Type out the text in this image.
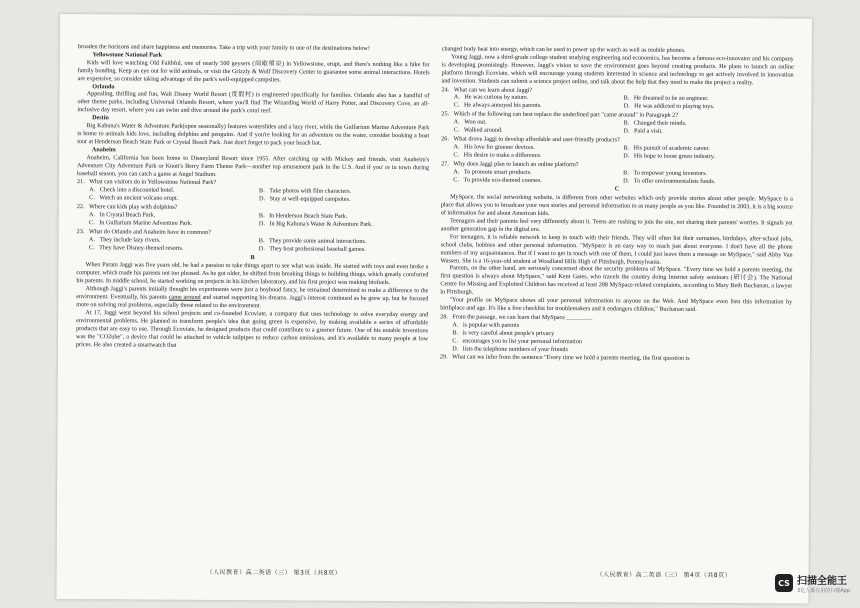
broaden the horizons and share happiness and memories. Take a trip with your family to one of the destinations below!

Yellowstone National Park

Kids will love watching Old Faithful, one of nearly 500 geysers (间歇喷泉) in Yellowstone, erupt, and there's nothing like a hike for family bonding. Keep an eye out for wild animals, or visit the Grizzly & Wolf Discovery Center to guarantee some animal interactions. Hotels are expensive, so consider taking advantage of the park's well-equipped campsites.

Orlando

Appealing, thrilling and fun, Walt Disney World Resort (度假村) is engineered specifically for families. Orlando also has a handful of other theme parks, including Universal Orlando Resort, where you'll find The Wizarding World of Harry Potter, and Discovery Cove, an all-inclusive day resort, where you can swim and dive around the park's coral reef.

Destin

Big Kahuna's Water & Adventure Park(open seasonally) features waterslides and a lazy river, while the Gulfarium Marine Adventure Park is home to animals kids love, including dolphins and penguins. And if you're looking for an adventure on the water, consider booking a boat tour at Henderson Beach State Park or Crystal Beach Park. Just don't forget to pack your beach bat.

Anaheim

Anaheim, California has been home to Disneyland Resort since 1955. After catching up with Mickey and friends, visit Anaheim's Adventure City Adventure Park or Knott's Berry Farm Theme Park—another top amusement park in the U.S. And if you' re in town during baseball season, you can catch a game at Angel Stadium.

21．What can visitors do in Yellowstone National Park?

A．Check into a discounted hotel.	B．Take photos with film characters.
C．Watch an ancient volcano erupt.	D．Stay at well-equipped campsites.

22．Where can kids play with dolphins?

A．In Crystal Beach Park.	B．In Henderson Beach State Park.
C．In Gulfarium Marine Adventure Park.	D．In Big Kahuna's Water & Adventure Park.

23．What do Orlando and Anaheim have in common?

A．They include lazy rivers.	B．They provide some animal interactions.
C．They have Disney-themed resorts.	D．They host professional baseball games.

B

When Param Jaggi was five years old, he had a passion to take things apart to see what was inside. He started with toys and even broke a computer, which made his parents not too pleased. As he got older, he shifted from breaking things to building things, which greatly comforted his parents. In middle school, he started working on projects in his kitchen laboratory, and his first project was making biofuels.

Although Jaggi's parents initially thought his experiments were just a boyhood fancy, he remained determined to make a difference to the environment. Eventually, his parents came around and started supporting his dreams. Jaggi's interest continued as he grew up, but he focused more on solving real problems, especially those related to the environment.

At 17, Jaggi went beyond his school projects and co-founded Ecoviate, a company that uses technology to solve everyday energy and environmental problems. He planned to transform people's idea that going green is expensive, by making available a series of affordable products that are easy to use. Through Ecoviate, he designed products that could contribute to a greener future. One of his notable inventions was the "CO2ube", a device that could be attached to vehicle tailpipes to reduce carbon emissions, and it's available to many people at low prices. He also created a smartwatch that

changed body heat into energy, which can be used to power up the watch as well as mobile phones.

Young Jaggi, now a third-grade college student studying engineering and economics, has become a famous eco-innovator and his company is developing promisingly. However, Jaggi's vision to save the environment goes beyond creating products. He plans to launch an online platform through Ecoviate, which will encourage young students interested in science and technology to get actively involved in innovation and invention. Students can submit a science project online, and talk about the help that they need to make the project a reality.

24．What can we learn about Jaggi?

A．He was curious by nature.	B．He dreamed to be an engineer.
C．He always annoyed his parents.	D．He was addicted to playing toys.

25．Which of the following can best replace the underlined part "came around" in Paragraph 2?

A．Won out.	B．Changed their minds.
C．Walked around.	D．Paid a visit.

26．What drove Jaggi to develop affordable and user-friendly products?

A．His love for greener devices.	B．His pursuit of academic career.
C．His desire to make a difference.	D．His hope to boost green industry.

27．Why does Jaggi plan to launch an online platform?

A．To promote smart products.	B．To empower young inventors.
C．To provide eco-themed courses.	D．To offer environmentalists funds.

C

MySpace, the social networking website, is different from other websites which only provide stories about other people. MySpace is a place that allows you to broadcast your own stories and personal information to as many people as you like. Founded in 2003, it is a big source of information for and about American kids.

Teenagers and their parents feel very differently about it. Teens are rushing to join the site, not sharing their parents' worries. It signals yet another generation gap in the digital era.

For teenagers, it is reliable network to keep in touch with their friends. They will often list their surnames, birthdays, after-school jobs, school clubs, hobbies and other personal information. "MySpace is an easy way to reach just about everyone. I don't have all the phone numbers of my acquaintances. But if I want to get in touch with one of them, I could just leave them a message on MySpace," said Abby Van Wassen. She is a 16-year-old student at Woodland Hills High of Pittsburgh, Pennsylvania.

Parents, on the other hand, are seriously concerned about the security problems of MySpace. "Every time we hold a parents meeting, the first question is always about MySpace," said Kent Gates, who travels the country doing Internet safety seminars (研讨会). The National Centre for Missing and Exploited Children has received at least 288 MySpace-related complaints, according to Mary Beth Buchanan, a lawyer in Pittsburgh.

"Your profile on MySpace shows all your personal information to anyone on the Web. And MySpace even lists this information by birthplace and age. It's like a free checklist for troublemakers and it endangers children," Buchanan said.

28．From the passage, we can learn that MySpace ________.

A．is popular with parents
B．is very careful about people's privacy
C．encourages you to list your personal information
D．lists the telephone numbers of your friends

29．What can we infer from the sentence "Every time we hold a parents meeting, the first question is

（人民教育）高二英语（三） 第3页（共8页）	（人民教育）高二英语（三） 第4页（共8页）
CS 扫描全能王
3亿人都在用的扫描App
